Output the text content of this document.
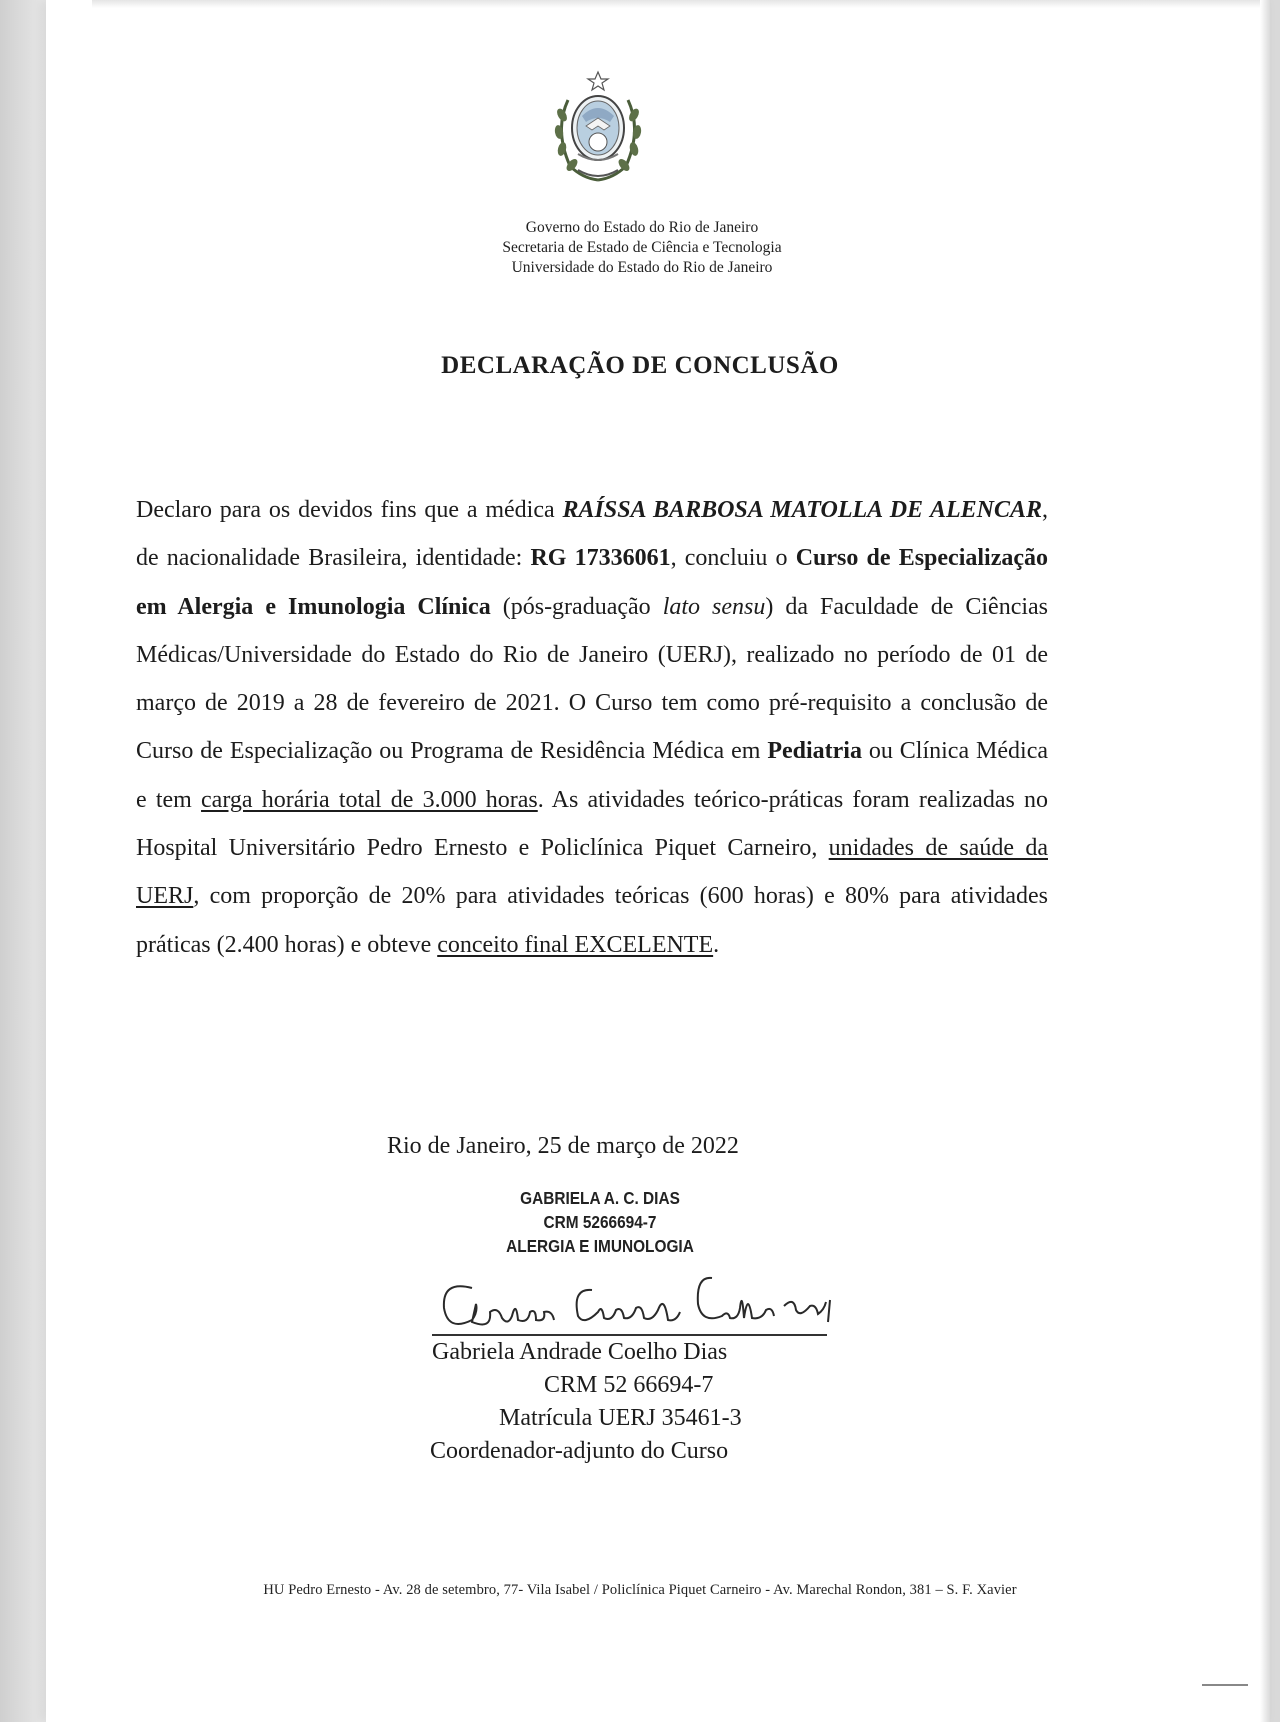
Governo do Estado do Rio de Janeiro
Secretaria de Estado de Ciência e Tecnologia
Universidade do Estado do Rio de Janeiro
DECLARAÇÃO DE CONCLUSÃO
Declaro para os devidos fins que a médica RAÍSSA BARBOSA MATOLLA DE ALENCAR, de nacionalidade Brasileira, identidade: RG 17336061, concluiu o Curso de Especialização em Alergia e Imunologia Clínica (pós-graduação lato sensu) da Faculdade de Ciências Médicas/Universidade do Estado do Rio de Janeiro (UERJ), realizado no período de 01 de março de 2019 a 28 de fevereiro de 2021. O Curso tem como pré-requisito a conclusão de Curso de Especialização ou Programa de Residência Médica em Pediatria ou Clínica Médica e tem carga horária total de 3.000 horas. As atividades teórico-práticas foram realizadas no Hospital Universitário Pedro Ernesto e Policlínica Piquet Carneiro, unidades de saúde da UERJ, com proporção de 20% para atividades teóricas (600 horas) e 80% para atividades práticas (2.400 horas) e obteve conceito final EXCELENTE.
Rio de Janeiro, 25 de março de 2022
GABRIELA A. C. DIAS
CRM 5266694-7
ALERGIA E IMUNOLOGIA
Gabriela Andrade Coelho Dias
CRM 52 66694-7
Matrícula UERJ 35461-3
Coordenador-adjunto do Curso
HU Pedro Ernesto - Av. 28 de setembro, 77- Vila Isabel / Policlínica Piquet Carneiro - Av. Marechal Rondon, 381 – S. F. Xavier
